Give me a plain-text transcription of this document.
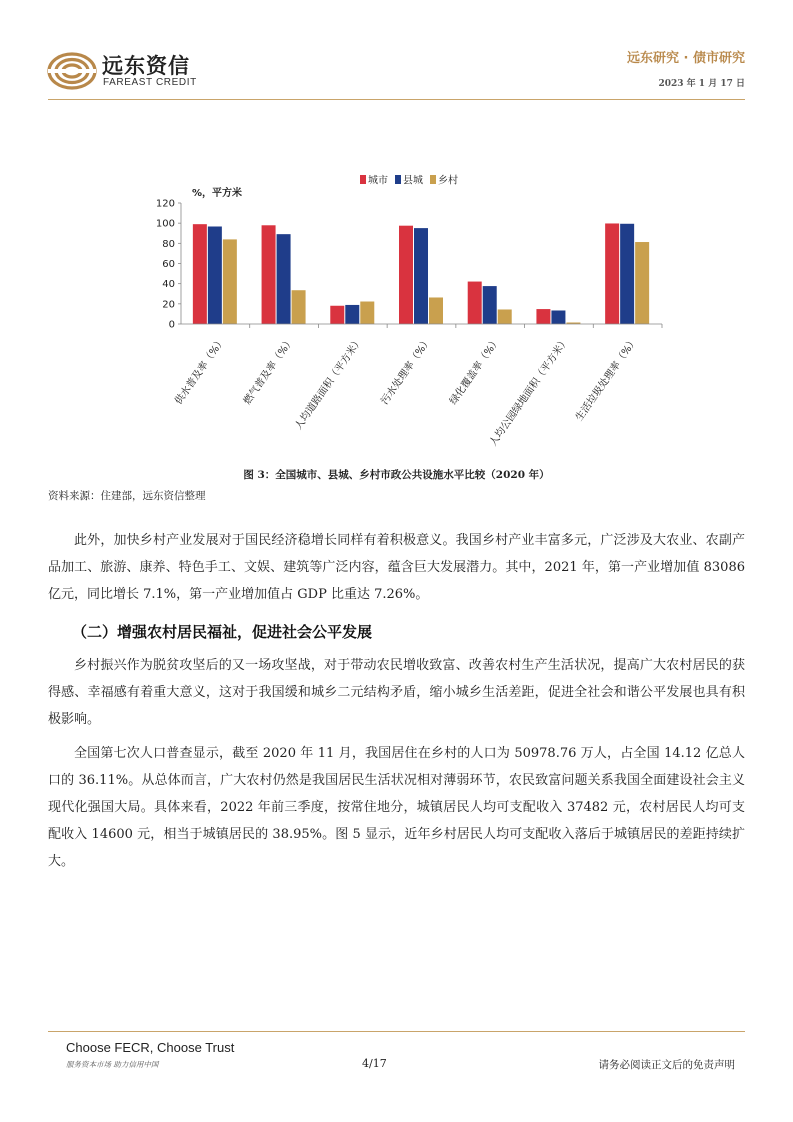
远东资信
FAREAST CREDIT
远东研究 · 债市研究
2023 年 1 月 17 日
城市 县城 乡村
%，平方米
0
20
40
60
80
100
120
供水普及率（%） 燃气普及率（%）
人均道路面积（平方米） 污水处理率（%） 绿化覆盖率（%）
人均公园绿地面积（平方米） 生活垃圾处理率（%）
图 3：全国城市、县城、乡村市政公共设施水平比较（2020 年）
资料来源：住建部，远东资信整理
此外，加快乡村产业发展对于国民经济稳增长同样有着积极意义。我国乡村产业丰富多元，广泛涉及大农业、农副产品加工、旅游、康养、特色手工、文娱、建筑等广泛内容，蕴含巨大发展潜力。其中，2021 年，第一产业增加值 83086 亿元，同比增长 7.1%，第一产业增加值占 GDP 比重达 7.26%。
（二）增强农村居民福祉，促进社会公平发展
乡村振兴作为脱贫攻坚后的又一场攻坚战，对于带动农民增收致富、改善农村生产生活状况，提高广大农村居民的获得感、幸福感有着重大意义，这对于我国缓和城乡二元结构矛盾，缩小城乡生活差距，促进全社会和谐公平发展也具有积极影响。
全国第七次人口普查显示，截至 2020 年 11 月，我国居住在乡村的人口为 50978.76 万人，占全国 14.12 亿总人口的 36.11%。从总体而言，广大农村仍然是我国居民生活状况相对薄弱环节，农民致富问题关系我国全面建设社会主义现代化强国大局。具体来看，2022 年前三季度，按常住地分，城镇居民人均可支配收入 37482 元，农村居民人均可支配收入 14600 元，相当于城镇居民的 38.95%。图 5 显示，近年乡村居民人均可支配收入落后于城镇居民的差距持续扩大。
Choose FECR, Choose Trust
服务资本市场 助力信用中国	4/17	请务必阅读正文后的免责声明
